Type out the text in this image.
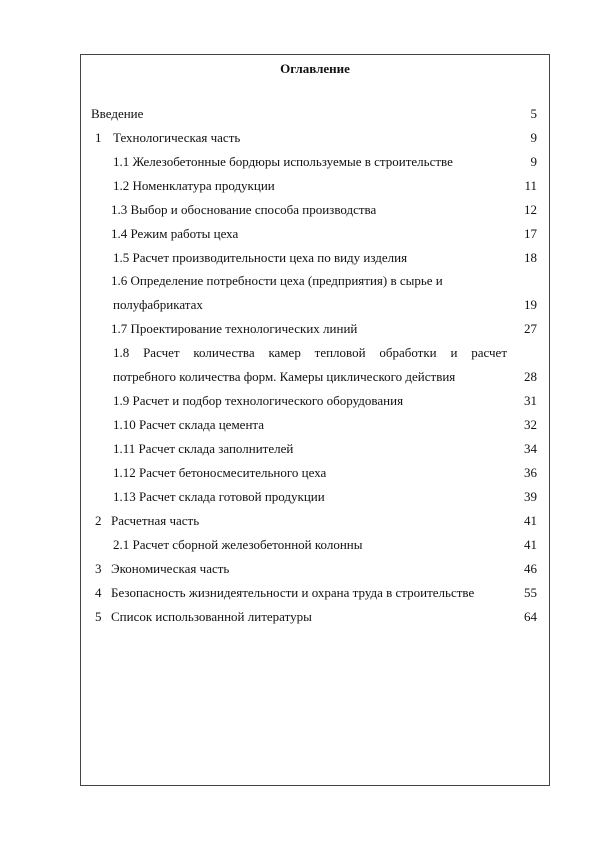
Оглавление
Введение	5
1 Технологическая часть	9
1.1 Железобетонные бордюры используемые в строительстве	9
1.2 Номенклатура продукции	11
1.3 Выбор и обоснование способа производства	12
1.4 Режим работы цеха	17
1.5 Расчет производительности цеха по виду изделия	18
1.6 Определение потребности цеха (предприятия) в сырье и
полуфабрикатах	19
1.7 Проектирование технологических линий	27
1.8 Расчет количества камер тепловой обработки и расчет
потребного количества форм. Камеры циклического действия	28
1.9 Расчет и подбор технологического оборудования	31
1.10 Расчет склада цемента	32
1.11 Расчет склада заполнителей	34
1.12 Расчет бетоносмесительного цеха	36
1.13 Расчет склада готовой продукции	39
2 Расчетная часть	41
2.1 Расчет сборной железобетонной колонны	41
3 Экономическая часть	46
4 Безопасность жизнидеятельности и охрана труда в строительстве	55
5 Список использованной литературы	64
